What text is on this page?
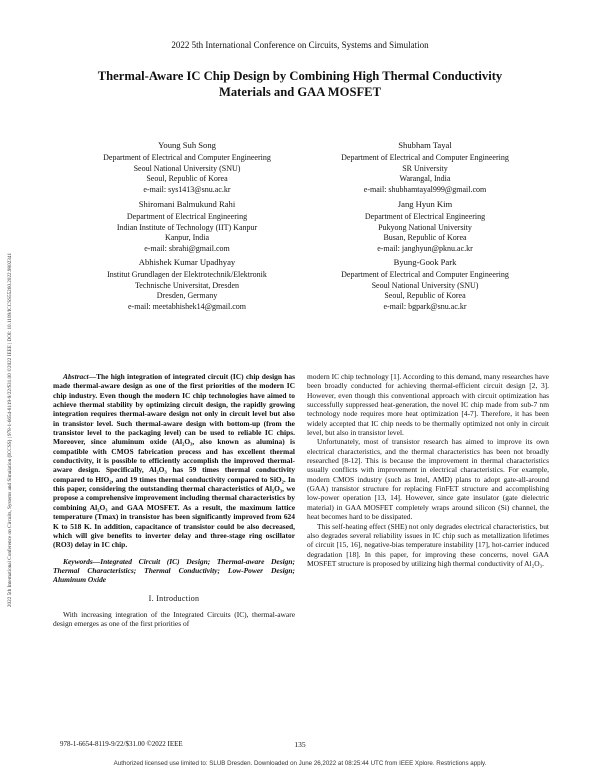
2022 5th International Conference on Circuits, Systems and Simulation
Thermal-Aware IC Chip Design by Combining High Thermal Conductivity
Materials and GAA MOSFET
2022 5th International Conference on Circuits, Systems and Simulation (ICCSS) | 978-1-6654-8119-9/22/$31.00 ©2022 IEEE | DOI: 10.1109/ICCSS55260.2022.9802341
Young Suh Song
Department of Electrical and Computer Engineering
Seoul National University (SNU)
Seoul, Republic of Korea
e-mail: sys1413@snu.ac.kr
Shubham Tayal
Department of Electrical and Computer Engineering
SR University
Warangal, India
e-mail: shubhamtayal999@gmail.com
Shiromani Balmukund Rahi
Department of Electrical Engineering
Indian Institute of Technology (IIT) Kanpur
Kanpur, India
e-mail: sbrahi@gmail.com
Jang Hyun Kim
Department of Electrical Engineering
Pukyong National University
Busan, Republic of Korea
e-mail: janghyun@pknu.ac.kr
Abhishek Kumar Upadhyay
Institut Grundlagen der Elektrotechnik/Elektronik
Technische Universitat, Dresden
Dresden, Germany
e-mail: meetabhishek14@gmail.com
Byung-Gook Park
Department of Electrical and Computer Engineering
Seoul National University (SNU)
Seoul, Republic of Korea
e-mail: bgpark@snu.ac.kr

Abstract—The high integration of integrated circuit (IC) chip design has made thermal-aware design as one of the first priorities of the modern IC chip industry. Even though the modern IC chip technologies have aimed to achieve thermal stability by optimizing circuit design, the rapidly growing integration requires thermal-aware design not only in circuit level but also in transistor level. Such thermal-aware design with bottom-up (from the transistor level to the packaging level) can be used to reliable IC chips. Moreover, since aluminum oxide (Al₂O₃, also known as alumina) is compatible with CMOS fabrication process and has excellent thermal conductivity, it is possible to efficiently accomplish the improved thermal-aware design. Specifically, Al₂O₃ has 59 times thermal conductivity compared to HfO₂, and 19 times thermal conductivity compared to SiO₂. In this paper, considering the outstanding thermal characteristics of Al₂O₃, we propose a comprehensive improvement including thermal characteristics by combining Al₂O₃ and GAA MOSFET. As a result, the maximum lattice temperature (Tmax) in transistor has been significantly improved from 624 K to 518 K. In addition, capacitance of transistor could be also decreased, which will give benefits to inverter delay and three-stage ring oscillator (RO3) delay in IC chip.

Keywords—Integrated Circuit (IC) Design; Thermal-aware Design; Thermal Characteristics; Thermal Conductivity; Low-Power Design; Aluminum Oxide

I. Introduction

With increasing integration of the Integrated Circuits (IC), thermal-aware design emerges as one of the first priorities of

modern IC chip technology [1]. According to this demand, many researches have been broadly conducted for achieving thermal-efficient circuit design [2, 3]. However, even though this conventional approach with circuit optimization has successfully suppressed heat-generation, the novel IC chip made from sub-7 nm technology node requires more heat optimization [4-7]. Therefore, it has been widely accepted that IC chip needs to be thermally optimized not only in circuit level, but also in transistor level.

Unfortunately, most of transistor research has aimed to improve its own electrical characteristics, and the thermal characteristics has been not broadly researched [8-12]. This is because the improvement in thermal characteristics usually conflicts with improvement in electrical characteristics. For example, modern CMOS industry (such as Intel, AMD) plans to adopt gate-all-around (GAA) transistor structure for replacing FinFET structure and accomplishing low-power operation [13, 14]. However, since gate insulator (gate dielectric material) in GAA MOSFET completely wraps around silicon (Si) channel, the heat becomes hard to be dissipated.

This self-heating effect (SHE) not only degrades electrical characteristics, but also degrades several reliability issues in IC chip such as metallization lifetimes of circuit [15, 16], negative-bias temperature instability [17], hot-carrier induced degradation [18]. In this paper, for improving these concerns, novel GAA MOSFET structure is proposed by utilizing high thermal conductivity of Al₂O₃.

978-1-6654-8119-9/22/$31.00 ©2022 IEEE	135
Authorized licensed use limited to: SLUB Dresden. Downloaded on June 26,2022 at 08:25:44 UTC from IEEE Xplore. Restrictions apply.
